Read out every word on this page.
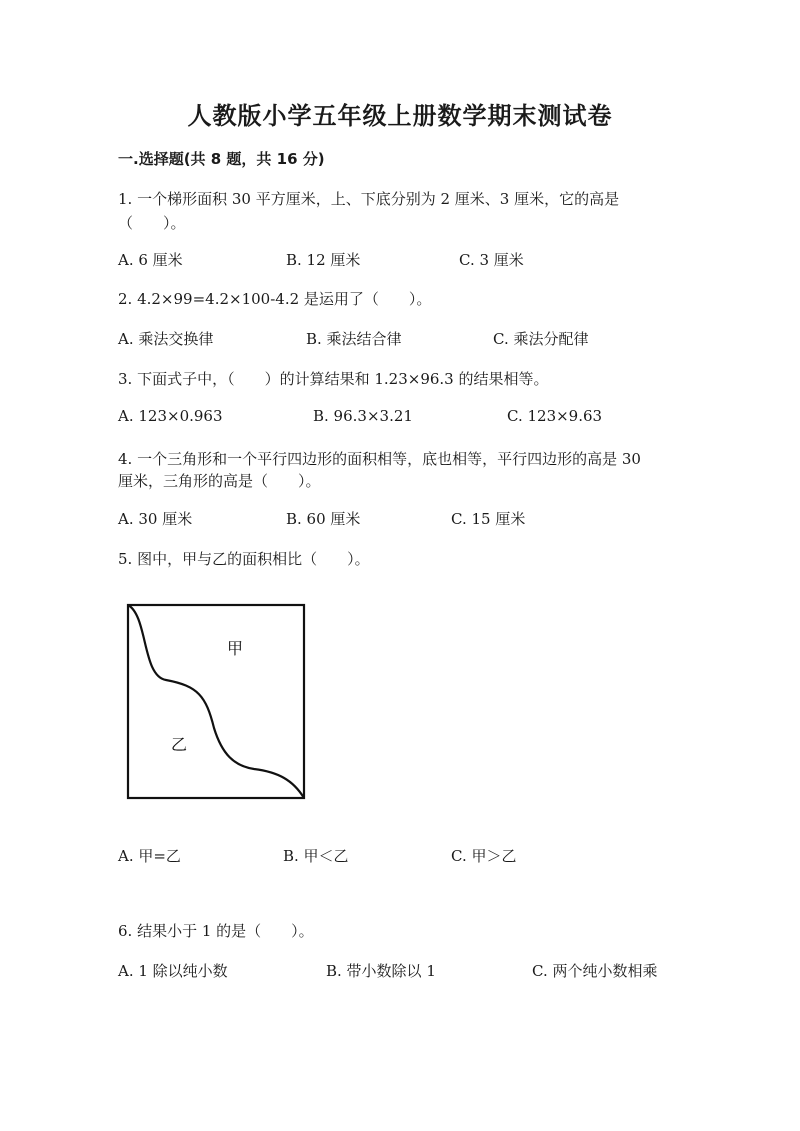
人教版小学五年级上册数学期末测试卷
一.选择题(共 8 题，共 16 分)
1. 一个梯形面积 30 平方厘米，上、下底分别为 2 厘米、3 厘米，它的高是
（　　）。
A. 6 厘米	B. 12 厘米	C. 3 厘米
2. 4.2×99=4.2×100-4.2 是运用了（　　）。
A. 乘法交换律	B. 乘法结合律	C. 乘法分配律
3. 下面式子中，（　　）的计算结果和 1.23×96.3 的结果相等。
A. 123×0.963	B. 96.3×3.21	C. 123×9.63
4. 一个三角形和一个平行四边形的面积相等，底也相等，平行四边形的高是 30
厘米，三角形的高是（　　）。
A. 30 厘米	B. 60 厘米	C. 15 厘米
5. 图中，甲与乙的面积相比（　　）。
甲
乙
A. 甲=乙	B. 甲＜乙	C. 甲＞乙
6. 结果小于 1 的是（　　）。
A. 1 除以纯小数	B. 带小数除以 1	C. 两个纯小数相乘
